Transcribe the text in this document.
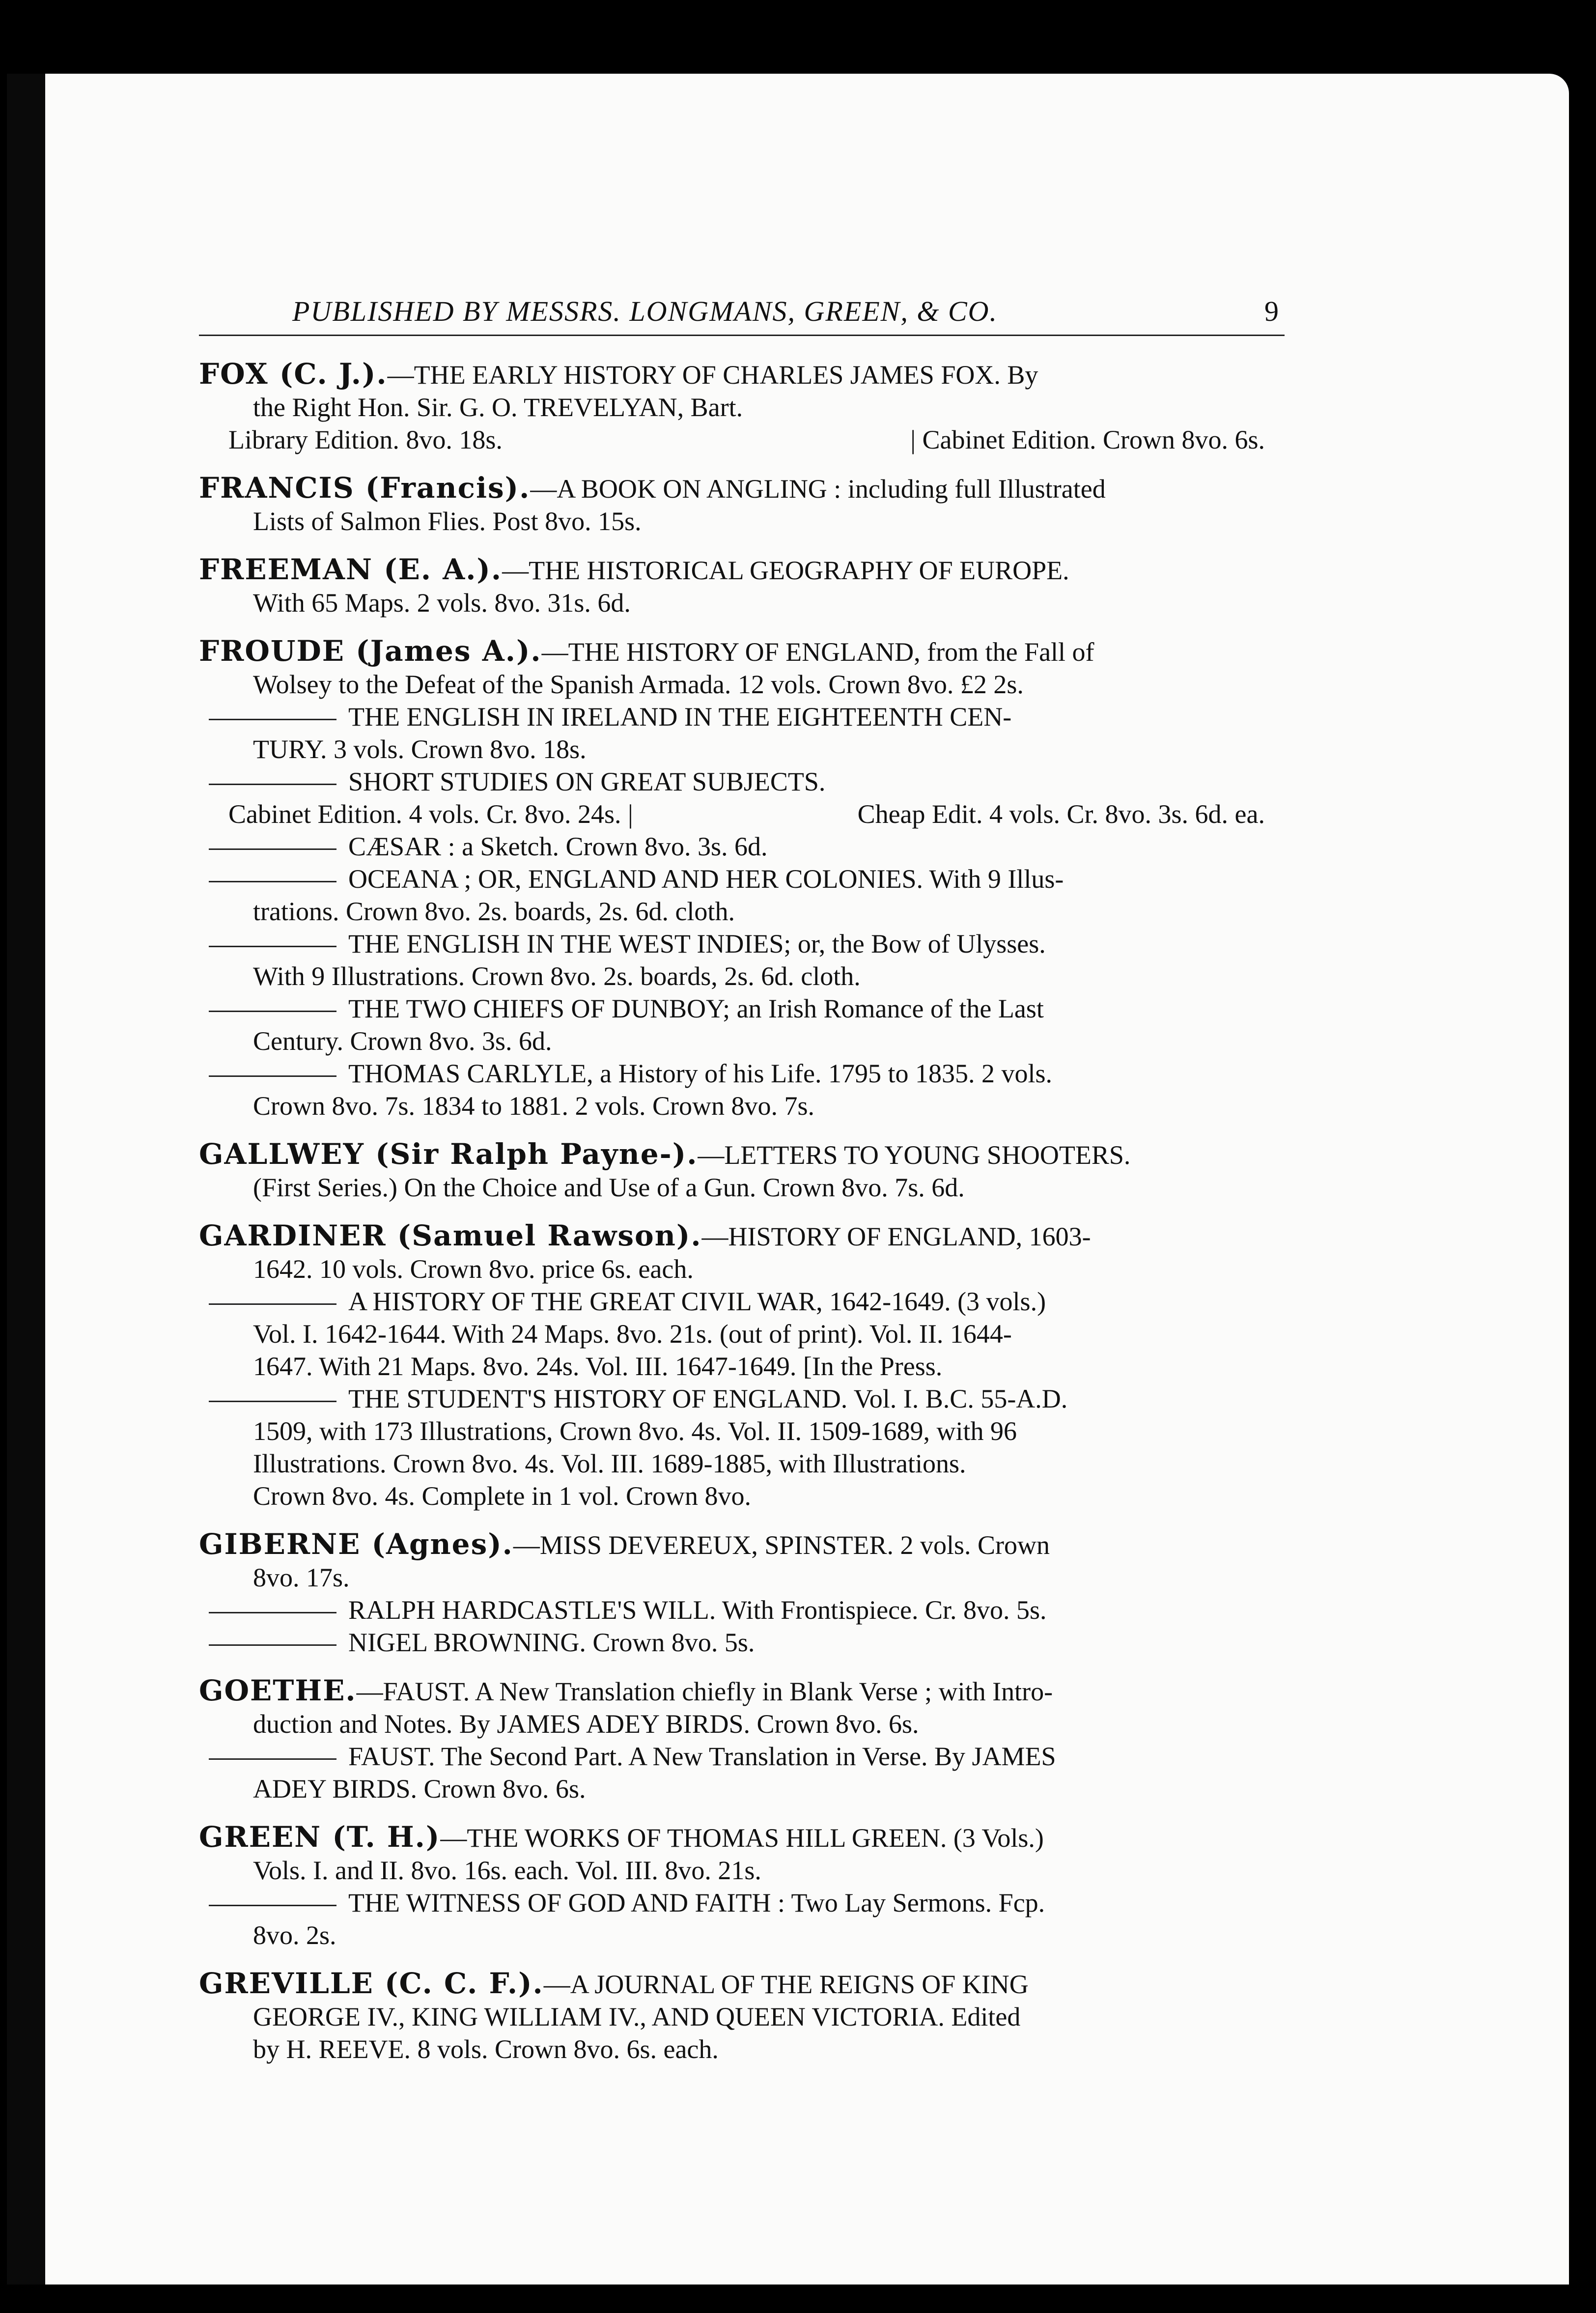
PUBLISHED BY MESSRS. LONGMANS, GREEN, & CO.	9
FOX (C. J.).—THE EARLY HISTORY OF CHARLES JAMES FOX. By
the Right Hon. Sir. G. O. TREVELYAN, Bart.
Library Edition. 8vo. 18s.	| Cabinet Edition. Crown 8vo. 6s.
FRANCIS (Francis).—A BOOK ON ANGLING : including full Illustrated
Lists of Salmon Flies. Post 8vo. 15s.
FREEMAN (E. A.).—THE HISTORICAL GEOGRAPHY OF EUROPE.
With 65 Maps. 2 vols. 8vo. 31s. 6d.
FROUDE (James A.).—THE HISTORY OF ENGLAND, from the Fall of
Wolsey to the Defeat of the Spanish Armada. 12 vols. Crown 8vo. £2 2s.
THE ENGLISH IN IRELAND IN THE EIGHTEENTH CEN-
TURY. 3 vols. Crown 8vo. 18s.
SHORT STUDIES ON GREAT SUBJECTS.
Cabinet Edition. 4 vols. Cr. 8vo. 24s. |	Cheap Edit. 4 vols. Cr. 8vo. 3s. 6d. ea.
CÆSAR : a Sketch. Crown 8vo. 3s. 6d.
OCEANA ; OR, ENGLAND AND HER COLONIES. With 9 Illus-
trations. Crown 8vo. 2s. boards, 2s. 6d. cloth.
THE ENGLISH IN THE WEST INDIES; or, the Bow of Ulysses.
With 9 Illustrations. Crown 8vo. 2s. boards, 2s. 6d. cloth.
THE TWO CHIEFS OF DUNBOY; an Irish Romance of the Last
Century. Crown 8vo. 3s. 6d.
THOMAS CARLYLE, a History of his Life. 1795 to 1835. 2 vols.
Crown 8vo. 7s. 1834 to 1881. 2 vols. Crown 8vo. 7s.
GALLWEY (Sir Ralph Payne-).—LETTERS TO YOUNG SHOOTERS.
(First Series.) On the Choice and Use of a Gun. Crown 8vo. 7s. 6d.
GARDINER (Samuel Rawson).—HISTORY OF ENGLAND, 1603-
1642. 10 vols. Crown 8vo. price 6s. each.
A HISTORY OF THE GREAT CIVIL WAR, 1642-1649. (3 vols.)
Vol. I. 1642-1644. With 24 Maps. 8vo. 21s. (out of print). Vol. II. 1644-
1647. With 21 Maps. 8vo. 24s. Vol. III. 1647-1649. [In the Press.
THE STUDENT'S HISTORY OF ENGLAND. Vol. I. B.C. 55-A.D.
1509, with 173 Illustrations, Crown 8vo. 4s. Vol. II. 1509-1689, with 96
Illustrations. Crown 8vo. 4s. Vol. III. 1689-1885, with Illustrations.
Crown 8vo. 4s. Complete in 1 vol. Crown 8vo.
GIBERNE (Agnes).—MISS DEVEREUX, SPINSTER. 2 vols. Crown
8vo. 17s.
RALPH HARDCASTLE'S WILL. With Frontispiece. Cr. 8vo. 5s.
NIGEL BROWNING. Crown 8vo. 5s.
GOETHE.—FAUST. A New Translation chiefly in Blank Verse ; with Intro-
duction and Notes. By JAMES ADEY BIRDS. Crown 8vo. 6s.
FAUST. The Second Part. A New Translation in Verse. By JAMES
ADEY BIRDS. Crown 8vo. 6s.
GREEN (T. H.)—THE WORKS OF THOMAS HILL GREEN. (3 Vols.)
Vols. I. and II. 8vo. 16s. each. Vol. III. 8vo. 21s.
THE WITNESS OF GOD AND FAITH : Two Lay Sermons. Fcp.
8vo. 2s.
GREVILLE (C. C. F.).—A JOURNAL OF THE REIGNS OF KING
GEORGE IV., KING WILLIAM IV., AND QUEEN VICTORIA. Edited
by H. REEVE. 8 vols. Crown 8vo. 6s. each.
